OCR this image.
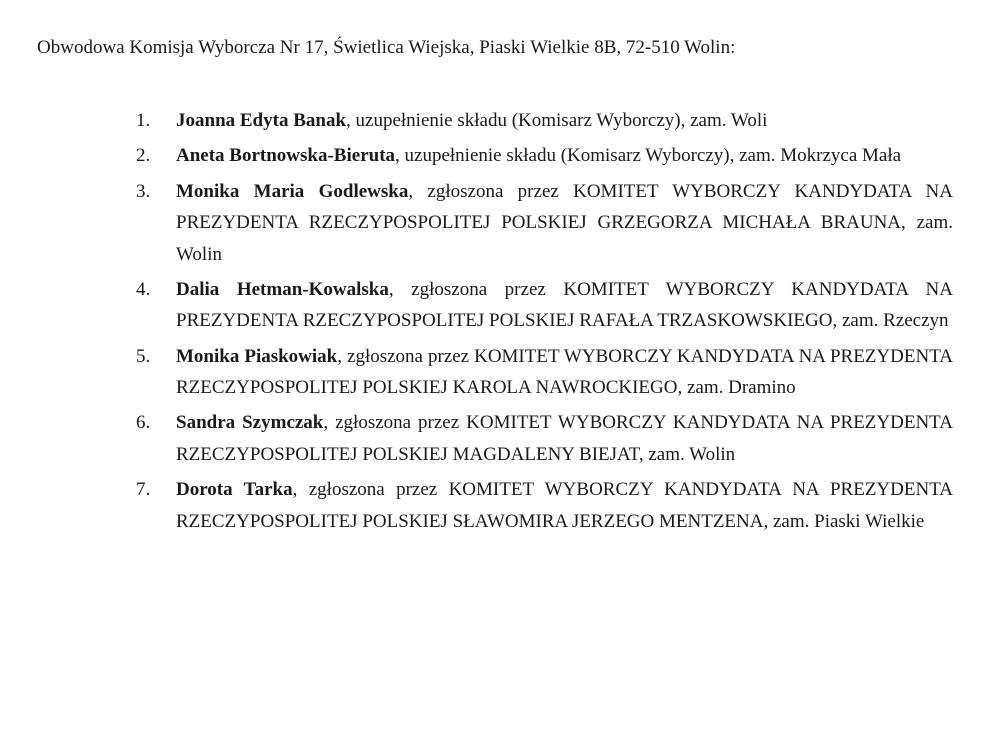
Obwodowa Komisja Wyborcza Nr 17, Świetlica Wiejska, Piaski Wielkie 8B, 72-510 Wolin:

1. Joanna Edyta Banak, uzupełnienie składu (Komisarz Wyborczy), zam. Woli
2. Aneta Bortnowska-Bieruta, uzupełnienie składu (Komisarz Wyborczy), zam. Mokrzyca Mała
3. Monika Maria Godlewska, zgłoszona przez KOMITET WYBORCZY KANDYDATA NA PREZYDENTA RZECZYPOSPOLITEJ POLSKIEJ GRZEGORZA MICHAŁA BRAUNA, zam. Wolin
4. Dalia Hetman-Kowalska, zgłoszona przez KOMITET WYBORCZY KANDYDATA NA PREZYDENTA RZECZYPOSPOLITEJ POLSKIEJ RAFAŁA TRZASKOWSKIEGO, zam. Rzeczyn
5. Monika Piaskowiak, zgłoszona przez KOMITET WYBORCZY KANDYDATA NA PREZYDENTA RZECZYPOSPOLITEJ POLSKIEJ KAROLA NAWROCKIEGO, zam. Dramino
6. Sandra Szymczak, zgłoszona przez KOMITET WYBORCZY KANDYDATA NA PREZYDENTA RZECZYPOSPOLITEJ POLSKIEJ MAGDALENY BIEJAT, zam. Wolin
7. Dorota Tarka, zgłoszona przez KOMITET WYBORCZY KANDYDATA NA PREZYDENTA RZECZYPOSPOLITEJ POLSKIEJ SŁAWOMIRA JERZEGO MENTZENA, zam. Piaski Wielkie
